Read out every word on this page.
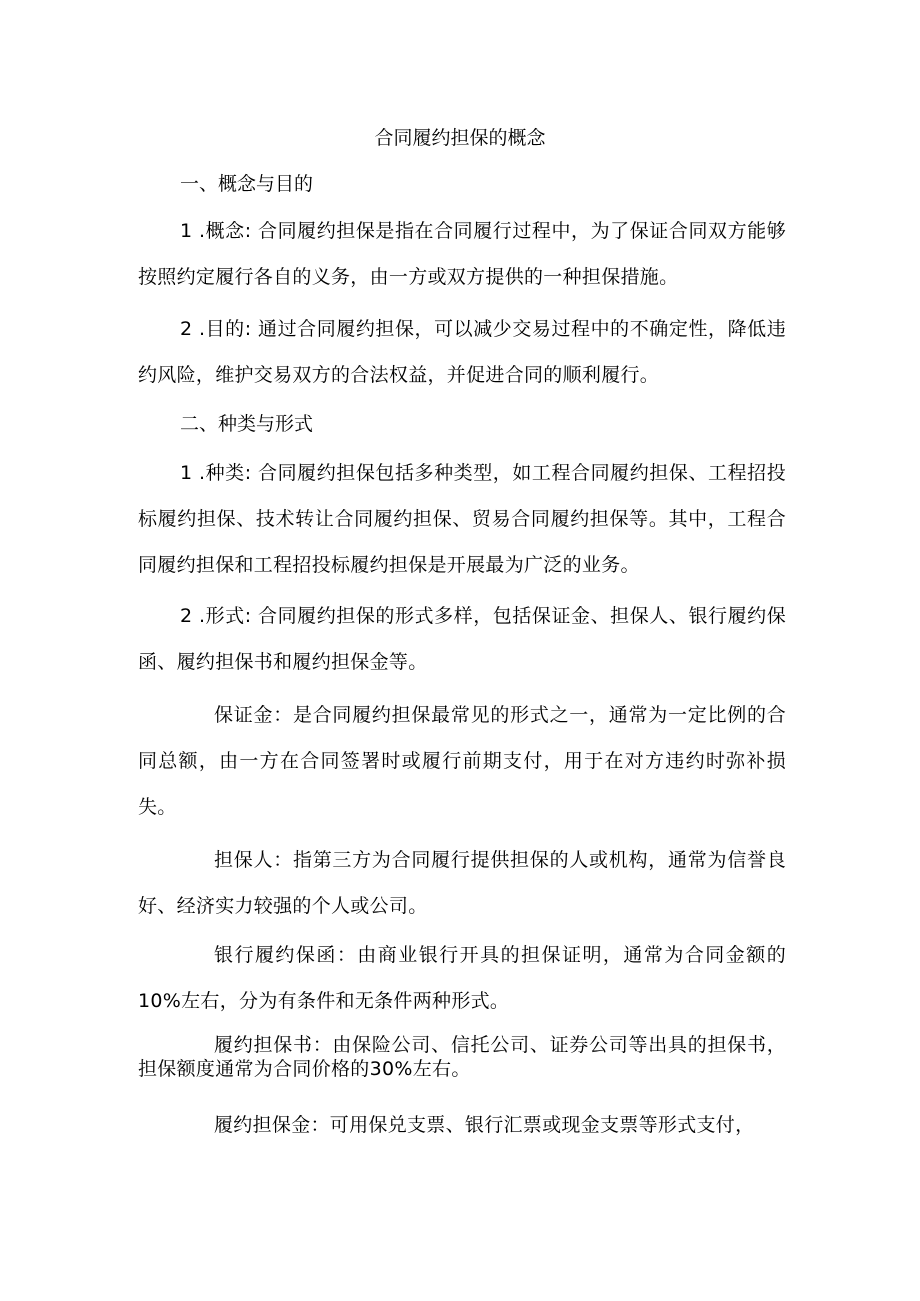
合同履约担保的概念
一、概念与目的
1 .概念: 合同履约担保是指在合同履行过程中，为了保证合同双方能够按照约定履行各自的义务，由一方或双方提供的一种担保措施。
2 .目的: 通过合同履约担保，可以减少交易过程中的不确定性，降低违约风险，维护交易双方的合法权益，并促进合同的顺利履行。
二、种类与形式
1 .种类: 合同履约担保包括多种类型，如工程合同履约担保、工程招投标履约担保、技术转让合同履约担保、贸易合同履约担保等。其中，工程合同履约担保和工程招投标履约担保是开展最为广泛的业务。
2 .形式: 合同履约担保的形式多样，包括保证金、担保人、银行履约保函、履约担保书和履约担保金等。
保证金：是合同履约担保最常见的形式之一，通常为一定比例的合同总额，由一方在合同签署时或履行前期支付，用于在对方违约时弥补损失。
担保人：指第三方为合同履行提供担保的人或机构，通常为信誉良好、经济实力较强的个人或公司。
银行履约保函：由商业银行开具的担保证明，通常为合同金额的10%左右，分为有条件和无条件两种形式。
履约担保书：由保险公司、信托公司、证券公司等出具的担保书，担保额度通常为合同价格的30%左右。
履约担保金：可用保兑支票、银行汇票或现金支票等形式支付，
